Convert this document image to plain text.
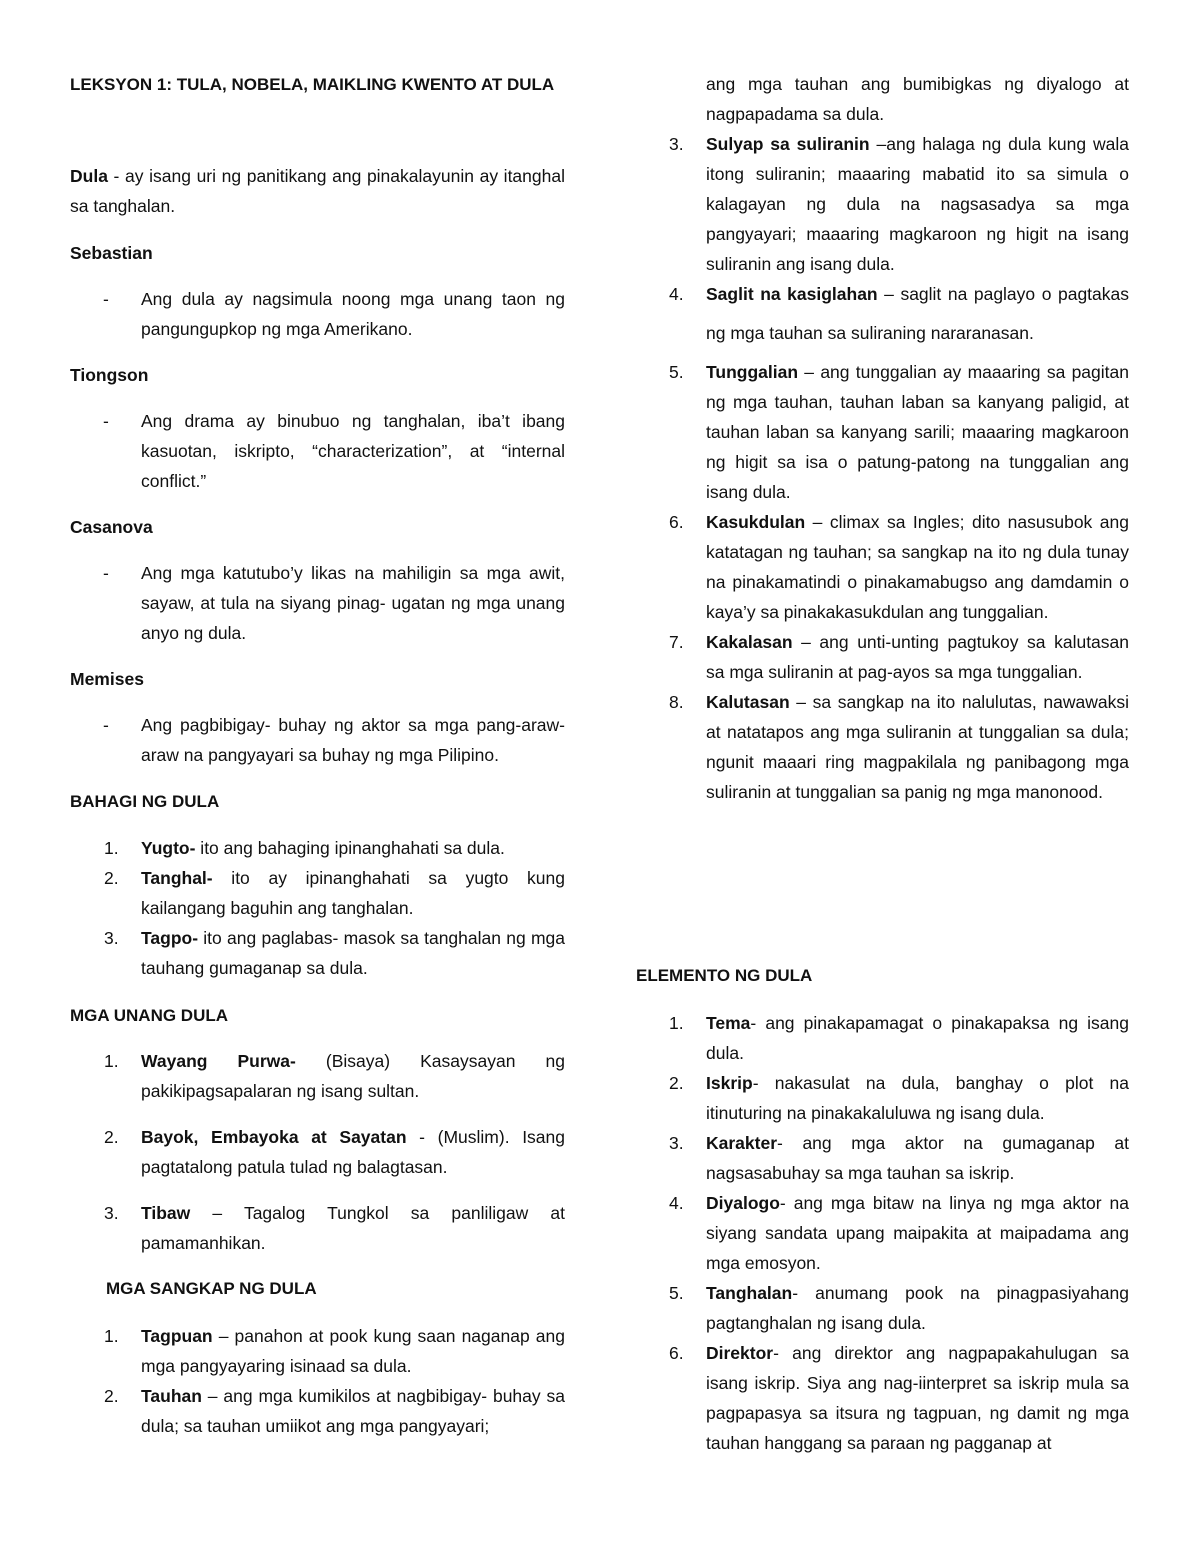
LEKSYON 1: TULA, NOBELA, MAIKLING KWENTO AT DULA

Dula - ay isang uri ng panitikang ang pinakalayunin ay itanghal sa tanghalan.

Sebastian

- Ang dula ay nagsimula noong mga unang taon ng pangungupkop ng mga Amerikano.

Tiongson

- Ang drama ay binubuo ng tanghalan, iba’t ibang kasuotan, iskripto, “characterization”, at “internal conflict.”

Casanova

- Ang mga katutubo’y likas na mahiligin sa mga awit, sayaw, at tula na siyang pinag- ugatan ng mga unang anyo ng dula.

Memises

- Ang pagbibigay- buhay ng aktor sa mga pang-araw-araw na pangyayari sa buhay ng mga Pilipino.

BAHAGI NG DULA

1. Yugto- ito ang bahaging ipinanghahati sa dula.

2. Tanghal- ito ay ipinanghahati sa yugto kung kailangang baguhin ang tanghalan.

3. Tagpo- ito ang paglabas- masok sa tanghalan ng mga tauhang gumaganap sa dula.

MGA UNANG DULA

1. Wayang Purwa- (Bisaya) Kasaysayan ng pakikipagsapalaran ng isang sultan.

2. Bayok, Embayoka at Sayatan - (Muslim). Isang pagtatalong patula tulad ng balagtasan.

3. Tibaw – Tagalog Tungkol sa panliligaw at pamamanhikan.

MGA SANGKAP NG DULA

1. Tagpuan – panahon at pook kung saan naganap ang mga pangyayaring isinaad sa dula.

2. Tauhan – ang mga kumikilos at nagbibigay- buhay sa dula; sa tauhan umiikot ang mga pangyayari;

ang mga tauhan ang bumibigkas ng diyalogo at nagpapadama sa dula.

3. Sulyap sa suliranin –ang halaga ng dula kung wala itong suliranin; maaaring mabatid ito sa simula o kalagayan ng dula na nagsasadya sa mga pangyayari; maaaring magkaroon ng higit na isang suliranin ang isang dula.

4. Saglit na kasiglahan – saglit na paglayo o pagtakas ng mga tauhan sa suliraning nararanasan.

5. Tunggalian – ang tunggalian ay maaaring sa pagitan ng mga tauhan, tauhan laban sa kanyang paligid, at tauhan laban sa kanyang sarili; maaaring magkaroon ng higit sa isa o patung-patong na tunggalian ang isang dula.

6. Kasukdulan – climax sa Ingles; dito nasusubok ang katatagan ng tauhan; sa sangkap na ito ng dula tunay na pinakamatindi o pinakamabugso ang damdamin o kaya’y sa pinakakasukdulan ang tunggalian.

7. Kakalasan – ang unti-unting pagtukoy sa kalutasan sa mga suliranin at pag-ayos sa mga tunggalian.

8. Kalutasan – sa sangkap na ito nalulutas, nawawaksi at natatapos ang mga suliranin at tunggalian sa dula; ngunit maaari ring magpakilala ng panibagong mga suliranin at tunggalian sa panig ng mga manonood.

ELEMENTO NG DULA

1. Tema- ang pinakapamagat o pinakapaksa ng isang dula.

2. Iskrip- nakasulat na dula, banghay o plot na itinuturing na pinakakaluluwa ng isang dula.

3. Karakter- ang mga aktor na gumaganap at nagsasabuhay sa mga tauhan sa iskrip.

4. Diyalogo- ang mga bitaw na linya ng mga aktor na siyang sandata upang maipakita at maipadama ang mga emosyon.

5. Tanghalan- anumang pook na pinagpasiyahang pagtanghalan ng isang dula.

6. Direktor- ang direktor ang nagpapakahulugan sa isang iskrip. Siya ang nag-iinterpret sa iskrip mula sa pagpapasya sa itsura ng tagpuan, ng damit ng mga tauhan hanggang sa paraan ng pagganap at
